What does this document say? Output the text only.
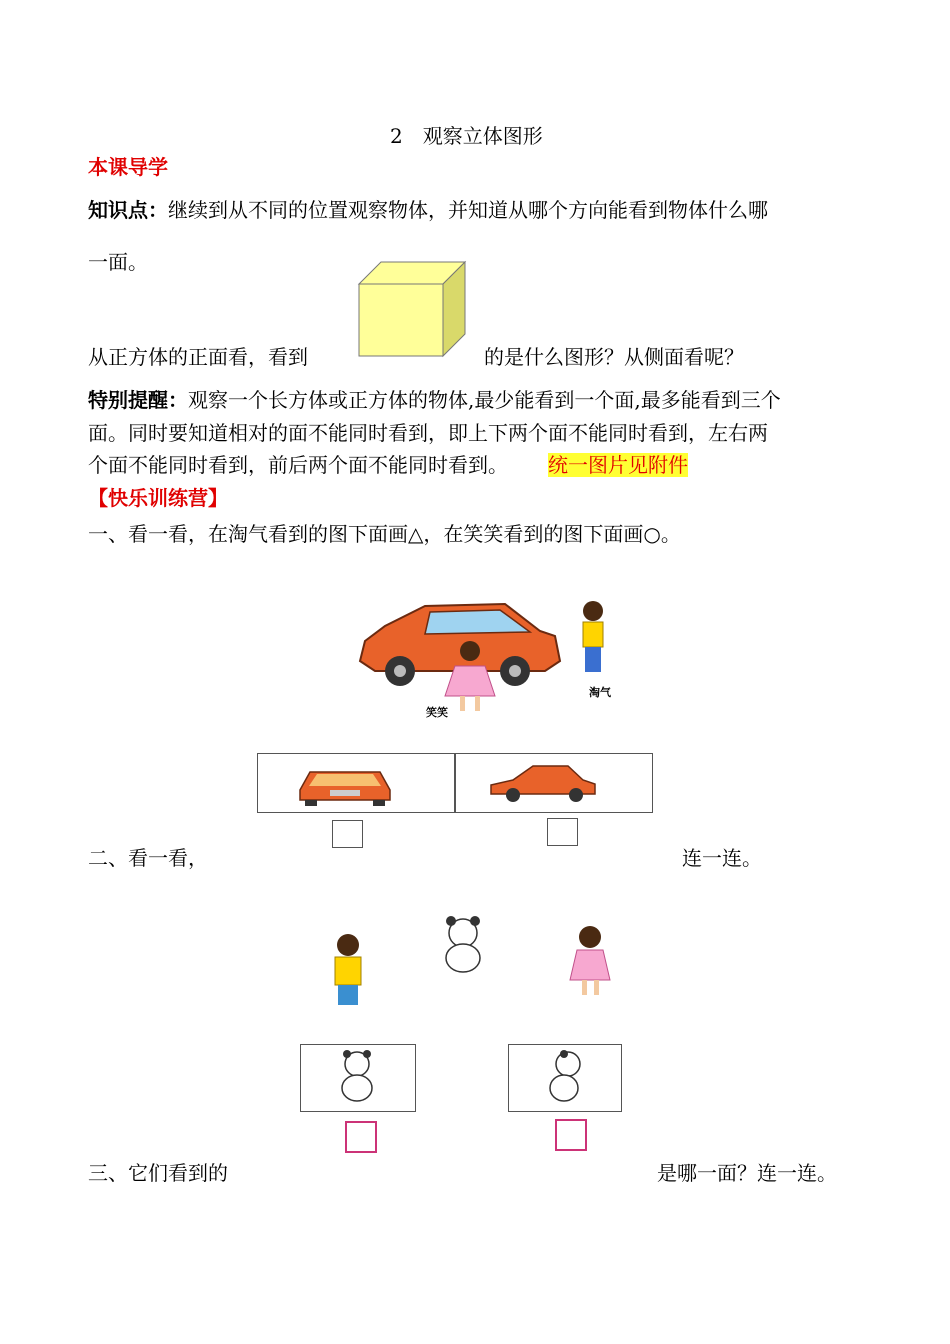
2　观察立体图形
本课导学
知识点：继续到从不同的位置观察物体，并知道从哪个方向能看到物体什么哪
一面。
从正方体的正面看，看到	的是什么图形？从侧面看呢？
特别提醒：观察一个长方体或正方体的物体,最少能看到一个面,最多能看到三个
面。同时要知道相对的面不能同时看到，即上下两个面不能同时看到，左右两
个面不能同时看到，前后两个面不能同时看到。 统一图片见附件
【快乐训练营】
一、看一看，在淘气看到的图下面画△，在笑笑看到的图下面画○。
笑笑
淘气
二、看一看，	连一连。
三、它们看到的	是哪一面？连一连。
